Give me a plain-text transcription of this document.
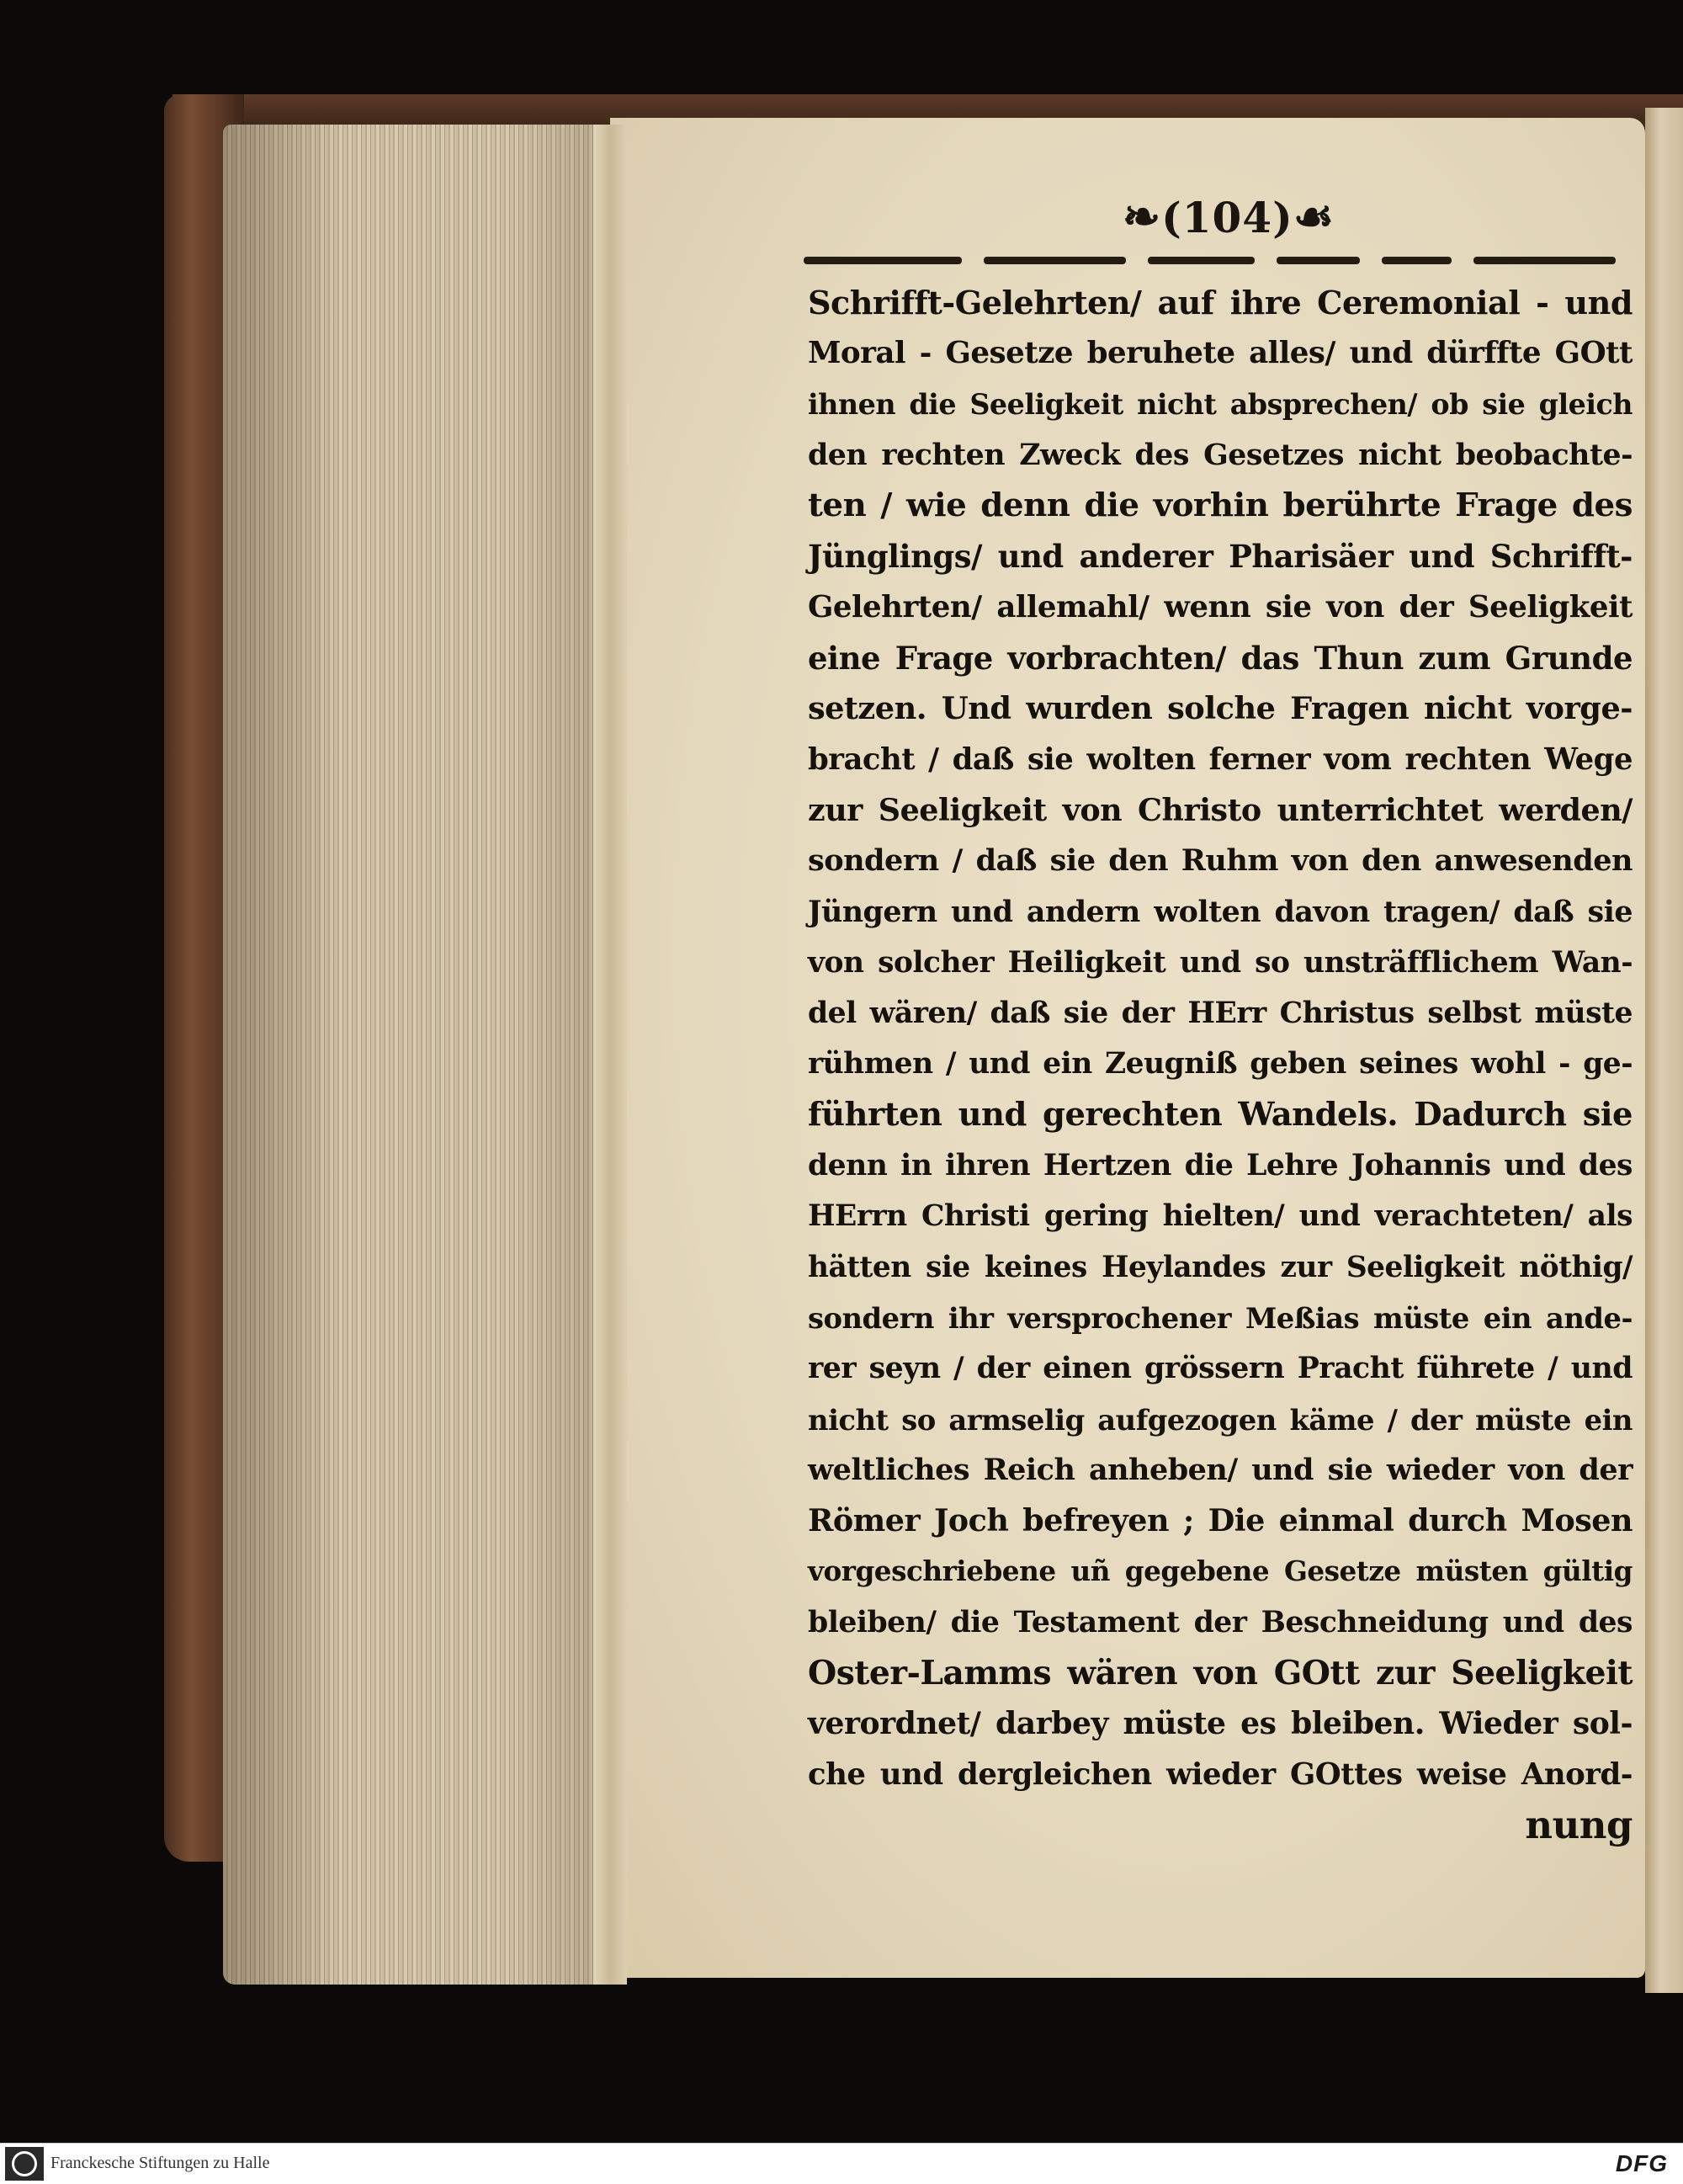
❧(104)☙
Schrifft-Gelehrten/ auf ihre Ceremonial - und
Moral - Gesetze beruhete alles/ und dürffte GOtt
ihnen die Seeligkeit nicht absprechen/ ob sie gleich
den rechten Zweck des Gesetzes nicht beobachte-
ten / wie denn die vorhin berührte Frage des
Jünglings/ und anderer Pharisäer und Schrifft-
Gelehrten/ allemahl/ wenn sie von der Seeligkeit
eine Frage vorbrachten/ das Thun zum Grunde
setzen. Und wurden solche Fragen nicht vorge-
bracht / daß sie wolten ferner vom rechten Wege
zur Seeligkeit von Christo unterrichtet werden/
sondern / daß sie den Ruhm von den anwesenden
Jüngern und andern wolten davon tragen/ daß sie
von solcher Heiligkeit und so unsträfflichem Wan-
del wären/ daß sie der HErr Christus selbst müste
rühmen / und ein Zeugniß geben seines wohl - ge-
führten und gerechten Wandels. Dadurch sie
denn in ihren Hertzen die Lehre Johannis und des
HErrn Christi gering hielten/ und verachteten/ als
hätten sie keines Heylandes zur Seeligkeit nöthig/
sondern ihr versprochener Meßias müste ein ande-
rer seyn / der einen grössern Pracht führete / und
nicht so armselig aufgezogen käme / der müste ein
weltliches Reich anheben/ und sie wieder von der
Römer Joch befreyen ; Die einmal durch Mosen
vorgeschriebene uñ gegebene Gesetze müsten gültig
bleiben/ die Testament der Beschneidung und des
Oster-Lamms wären von GOtt zur Seeligkeit
verordnet/ darbey müste es bleiben. Wieder sol-
che und dergleichen wieder GOttes weise Anord-
nung
Franckesche Stiftungen zu Halle	DFG
